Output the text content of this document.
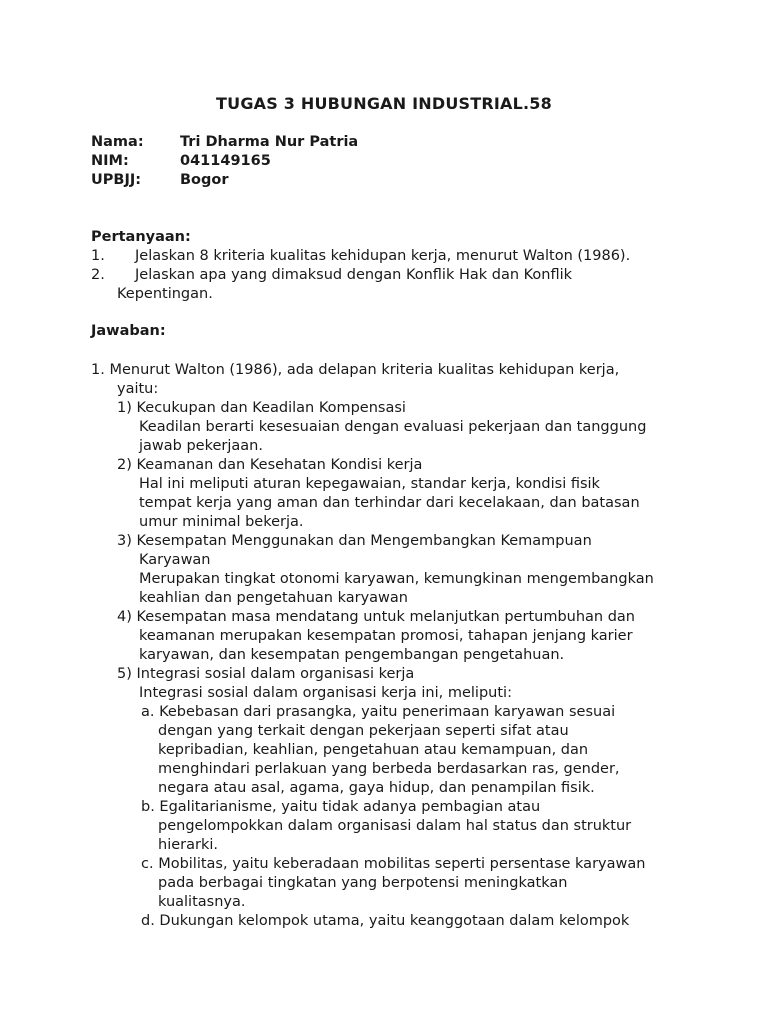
TUGAS 3 HUBUNGAN INDUSTRIAL.58
Nama:	Tri Dharma Nur Patria
NIM:	041149165
UPBJJ:	Bogor
Pertanyaan:
1. Jelaskan 8 kriteria kualitas kehidupan kerja, menurut Walton (1986).
2. Jelaskan apa yang dimaksud dengan Konflik Hak dan Konflik
Kepentingan.
Jawaban:
1. Menurut Walton (1986), ada delapan kriteria kualitas kehidupan kerja,
yaitu:
1) Kecukupan dan Keadilan Kompensasi
Keadilan berarti kesesuaian dengan evaluasi pekerjaan dan tanggung
jawab pekerjaan.
2) Keamanan dan Kesehatan Kondisi kerja
Hal ini meliputi aturan kepegawaian, standar kerja, kondisi fisik
tempat kerja yang aman dan terhindar dari kecelakaan, dan batasan
umur minimal bekerja.
3) Kesempatan Menggunakan dan Mengembangkan Kemampuan
Karyawan
Merupakan tingkat otonomi karyawan, kemungkinan mengembangkan
keahlian dan pengetahuan karyawan
4) Kesempatan masa mendatang untuk melanjutkan pertumbuhan dan
keamanan merupakan kesempatan promosi, tahapan jenjang karier
karyawan, dan kesempatan pengembangan pengetahuan.
5) Integrasi sosial dalam organisasi kerja
Integrasi sosial dalam organisasi kerja ini, meliputi:
a. Kebebasan dari prasangka, yaitu penerimaan karyawan sesuai
dengan yang terkait dengan pekerjaan seperti sifat atau
kepribadian, keahlian, pengetahuan atau kemampuan, dan
menghindari perlakuan yang berbeda berdasarkan ras, gender,
negara atau asal, agama, gaya hidup, dan penampilan fisik.
b. Egalitarianisme, yaitu tidak adanya pembagian atau
pengelompokkan dalam organisasi dalam hal status dan struktur
hierarki.
c. Mobilitas, yaitu keberadaan mobilitas seperti persentase karyawan
pada berbagai tingkatan yang berpotensi meningkatkan
kualitasnya.
d. Dukungan kelompok utama, yaitu keanggotaan dalam kelompok
